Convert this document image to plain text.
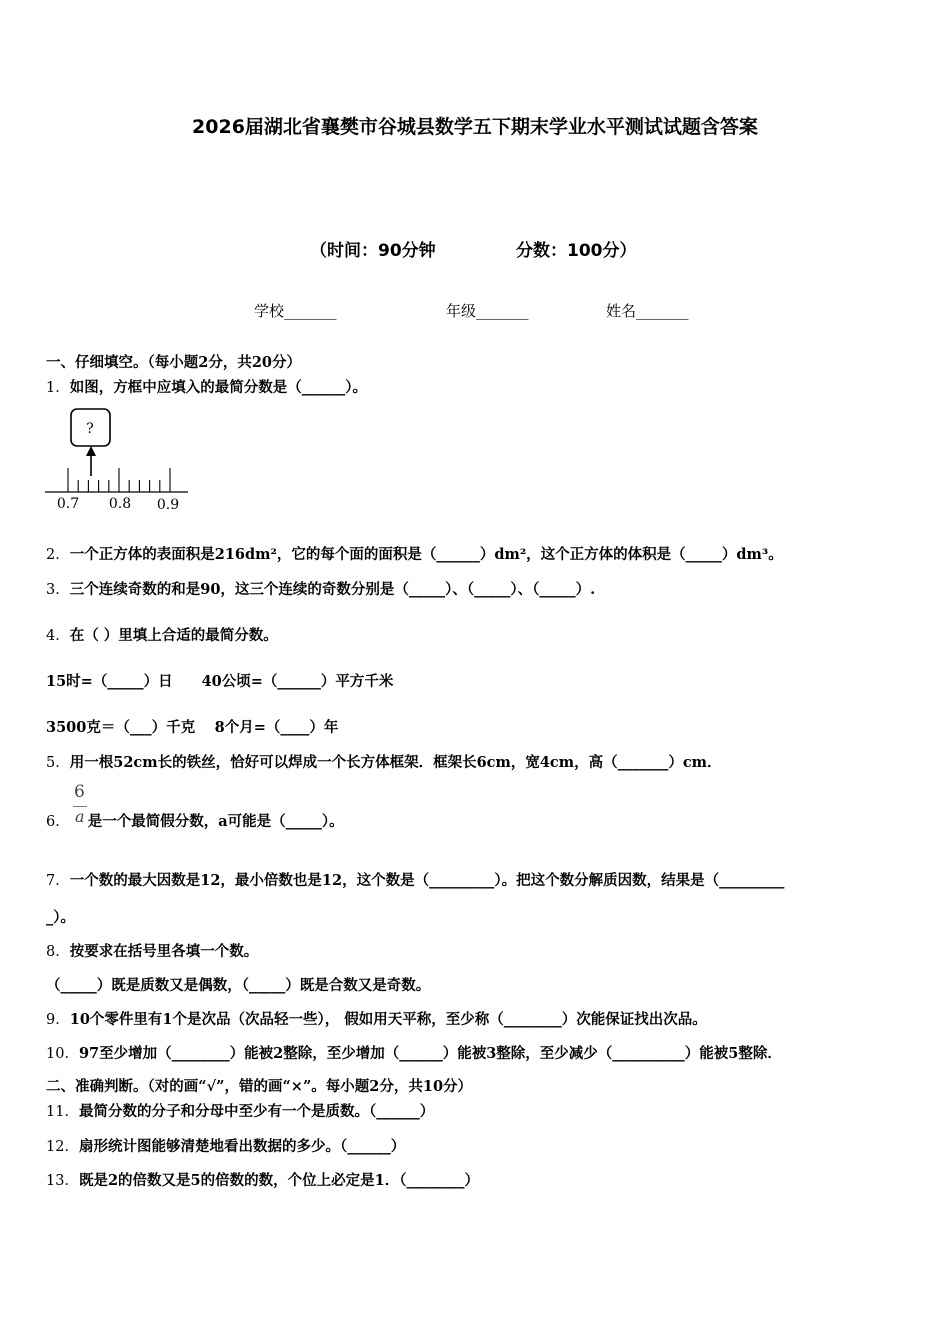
2026届湖北省襄樊市谷城县数学五下期末学业水平测试试题含答案
（时间：90分钟	分数：100分）
学校_______	年级_______	姓名_______
一、仔细填空。（每小题2分，共20分）
1．如图，方框中应填入的最简分数是（______）。
?
0.7 0.8 0.9
2．一个正方体的表面积是216dm²，它的每个面的面积是（______）dm²，这个正方体的体积是（_____）dm³。
3．三个连续奇数的和是90，这三个连续的奇数分别是（_____）、（_____）、（_____）.
4．在（ ）里填上合适的最简分数。
15时=（_____）日　　40公顷=（______）平方千米
3500克＝（___）千克　 8个月=（____）年
5．用一根52cm长的铁丝，恰好可以焊成一个长方体框架．框架长6cm，宽4cm，高（_______）cm．
6
a
6． 是一个最简假分数，a可能是（_____）。
7．一个数的最大因数是12，最小倍数也是12，这个数是（_________）。把这个数分解质因数，结果是（_________
_）。
8．按要求在括号里各填一个数。
（_____）既是质数又是偶数，（_____）既是合数又是奇数。
9．10个零件里有1个是次品（次品轻一些）， 假如用天平称，至少称（________）次能保证找出次品。
10．97至少增加（________）能被2整除，至少增加（______）能被3整除，至少减少（__________）能被5整除．
二、准确判断。（对的画“√”，错的画“×”。每小题2分，共10分）
11．最简分数的分子和分母中至少有一个是质数。（______）
12．扇形统计图能够清楚地看出数据的多少。（______）
13．既是2的倍数又是5的倍数的数，个位上必定是1．（________）
